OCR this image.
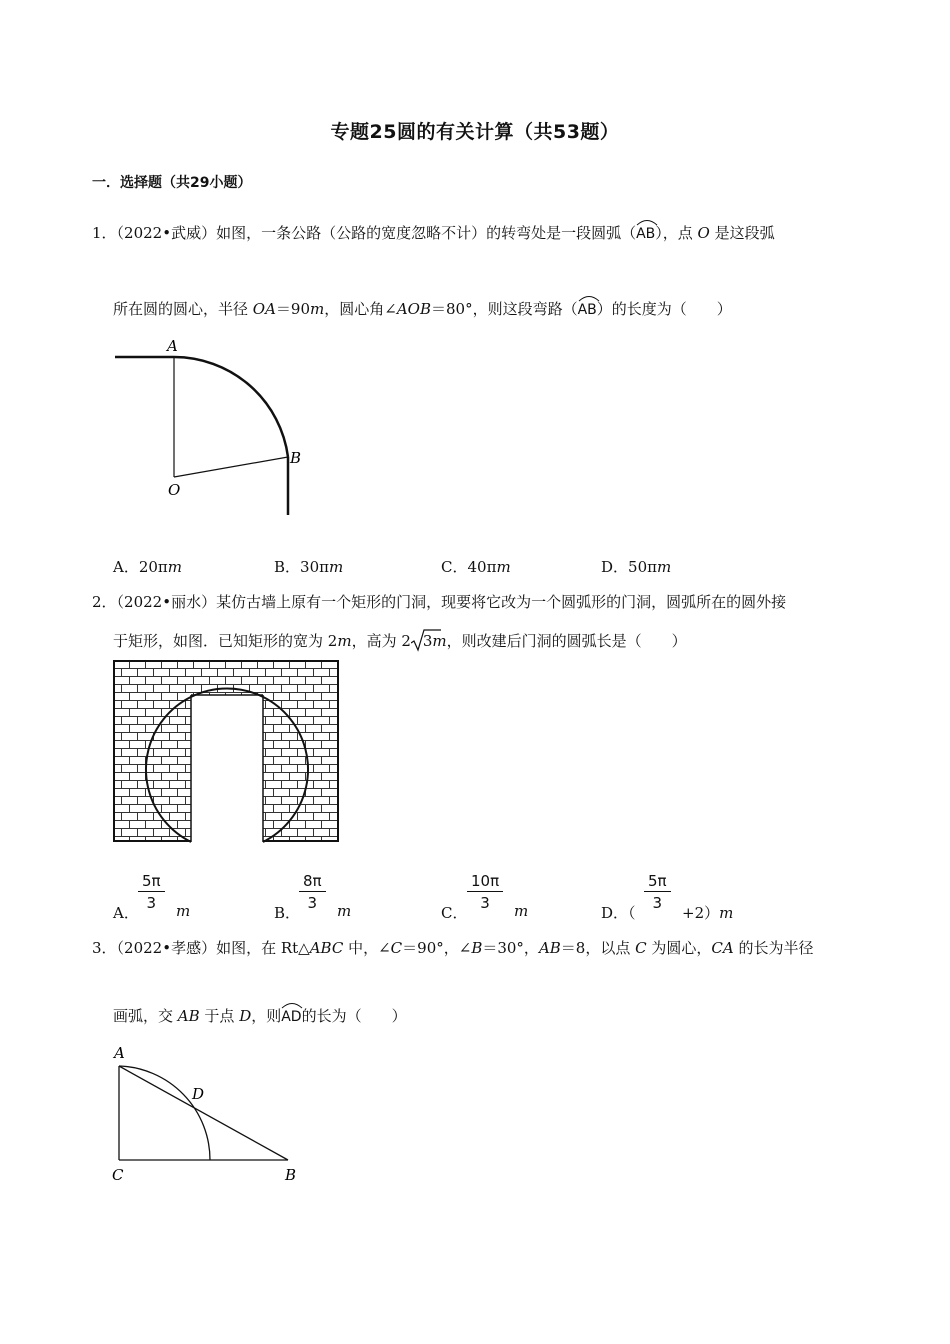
专题25圆的有关计算（共53题）
一．选择题（共29小题）
1．（2022•武威）如图，一条公路（公路的宽度忽略不计）的转弯处是一段圆弧（
AB），点 O 是这段弧
所在圆的圆心，半径 OA＝90m，圆心角∠AOB＝80°，则这段弯路（
AB）的长度为（　　）
A
B
O
A．20πm	B．30πm	C．40πm	D．50πm
2．（2022•丽水）某仿古墙上原有一个矩形的门洞，现要将它改为一个圆弧形的门洞，圆弧所在的圆外接
于矩形，如图．已知矩形的宽为 2m，高为 2 3m，则改建后门洞的圆弧长是（　　）
A．
$\frac{5\pi}{3}$ m	B．
$\frac{8\pi}{3}$ m	C．
$\frac{10\pi}{3}$ m	D．（
$\frac{5\pi}{3}$
+2）m
3．（2022•孝感）如图，在 Rt△ABC 中，∠C＝90°，∠B＝30°，AB＝8，以点 C 为圆心，CA 的长为半径
画弧，交 AB 于点 D，则
AD的长为（　　）
A
D
C	B
